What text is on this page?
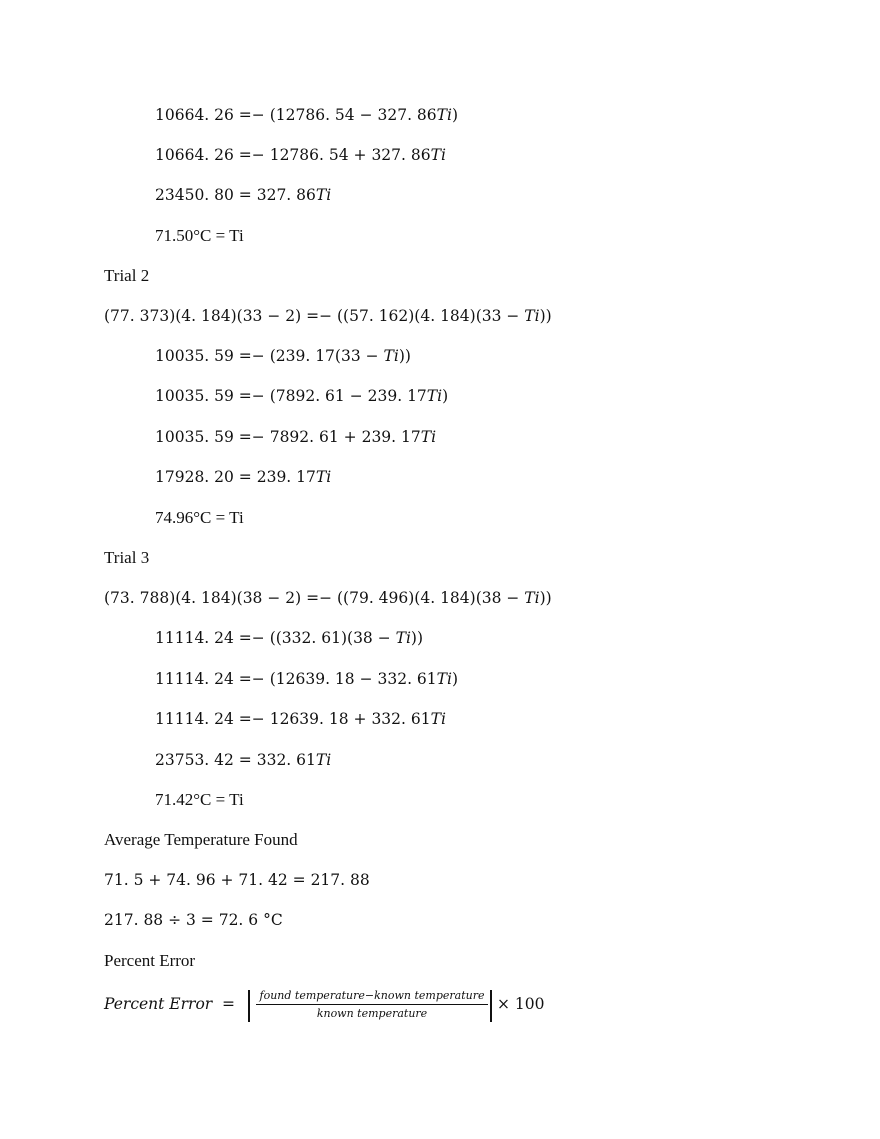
10664. 26 =− (12786. 54 − 327. 86𝑇𝑖)
10664. 26 =− 12786. 54 + 327. 86𝑇𝑖
23450. 80 = 327. 86𝑇𝑖
71.50°C = Ti
Trial 2
(77. 373)(4. 184)(33 − 2) =− ((57. 162)(4. 184)(33 − 𝑇𝑖))
10035. 59 =− (239. 17(33 − 𝑇𝑖))
10035. 59 =− (7892. 61 − 239. 17𝑇𝑖)
10035. 59 =− 7892. 61 + 239. 17𝑇𝑖
17928. 20 = 239. 17𝑇𝑖
74.96°C = Ti
Trial 3
(73. 788)(4. 184)(38 − 2) =− ((79. 496)(4. 184)(38 − 𝑇𝑖))
11114. 24 =− ((332. 61)(38 − 𝑇𝑖))
11114. 24 =− (12639. 18 − 332. 61𝑇𝑖)
11114. 24 =− 12639. 18 + 332. 61𝑇𝑖
23753. 42 = 332. 61𝑇𝑖
71.42°C = Ti
Average Temperature Found
71. 5 + 74. 96 + 71. 42 = 217. 88
217. 88 ÷ 3 = 72. 6 °C
Percent Error
Percent Error =	found temperature−known temperature
known temperature
× 100
